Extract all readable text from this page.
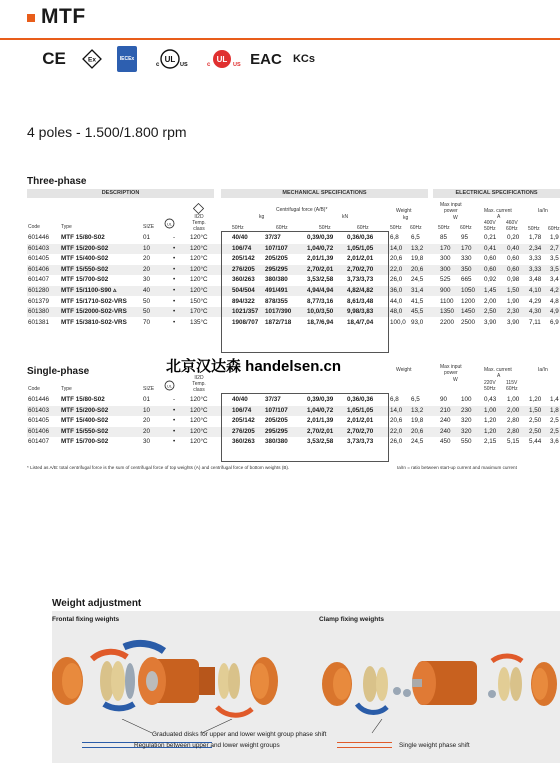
MTF
CE	Ex	IECEx	UL
c	US
UL
c	US EAC KCs
4 poles - 1.500/1.800 rpm
Three-phase
DESCRIPTION	MECHANICAL SPECIFICATIONS	ELECTRICAL SPECIFICATIONS
Code	Type	SIZE
UL
II2D
Temp.
class
Centrifugal force (A/B)*
kg	kN
50Hz	60Hz	50Hz	60Hz
Weight
kg
50Hz 60Hz
Max input
power
W
50Hz 60Hz
Max. current
A
400V 460V
50Hz 60Hz
Ia/In
50Hz 60Hz
601446 MTF 15/80-S02	01	- 120°C	40/40	37/37	0,39/0,39 0,36/0,36	6,8 6,5	85 95	0,21 0,20 1,78 1,9
601403 MTF 15/200-S02	10	• 120°C	106/74 107/107	1,04/0,72 1,05/1,05	14,0 13,2	170 170 0,41 0,40 2,34 2,7
601405 MTF 15/400-S02	20	• 120°C	205/142 205/205	2,01/1,39 2,01/2,01	20,6 19,8	300 330 0,60 0,60 3,33 3,5
601406 MTF 15/550-S02	20	• 120°C	276/205 295/295	2,70/2,01 2,70/2,70	22,0 20,6	300 350 0,60 0,60 3,33 3,5
601407 MTF 15/700-S02	30	• 120°C	360/263 380/380	3,53/2,58 3,73/3,73	26,0 24,5	525 665 0,92 0,98 3,48 3,4
601280 MTF 15/1100-S90 ▵	40	• 120°C	504/504 491/491	4,94/4,94 4,82/4,82	36,0 31,4	900 1050 1,45 1,50 4,10 4,2
601379 MTF 15/1710-S02-VRS	50	• 150°C	894/322 878/355	8,77/3,16 8,61/3,48	44,0 41,5	1100 1200 2,00 1,90 4,29 4,8
601380 MTF 15/2000-S02-VRS	50	• 170°C	1021/357 1017/390 10,0/3,50 9,98/3,83	48,0 45,5	1350 1450 2,50 2,30 4,30 4,9
601381 MTF 15/3810-S02-VRS	70	• 135°C	1908/707 1872/718 18,7/6,94 18,4/7,04	100,0 93,0	2200 2500 3,90 3,90 7,11 6,9
北京汉达森 handelsen.cn
Single-phase
Code	Type	SIZE
UL
II2D
Temp.
class
Weight	Max input
power
W
Max. current
A
220V 115V
50Hz 60Hz
Ia/In
601446 MTF 15/80-S02	01	- 120°C	40/40	37/37	0,39/0,39 0,36/0,36	6,8 6,5	90 100 0,43 1,00 1,20 1,4
601403 MTF 15/200-S02	10	• 120°C	106/74 107/107	1,04/0,72 1,05/1,05	14,0 13,2	210 230 1,00 2,00 1,50 1,8
601405 MTF 15/400-S02	20	• 120°C	205/142 205/205	2,01/1,39 2,01/2,01	20,6 19,8	240 320 1,20 2,80 2,50 2,5
601406 MTF 15/550-S02	20	• 120°C	276/205 295/295	2,70/2,01 2,70/2,70	22,0 20,6	240 320 1,20 2,80 2,50 2,5
601407 MTF 15/700-S02	30	• 120°C	360/263 380/380	3,53/2,58 3,73/3,73	26,0 24,5	450 550 2,15 5,15 5,44 3,6
* Listed as A/B: total centrifugal force is the sum of centrifugal force of top weights (A) and centrifugal force of bottom weights (B).	Ia/In = ratio between start-up current and maximum current
Weight adjustment
Frontal fixing weights	Clamp fixing weights
Graduated disks for upper and lower weight group phase shift
Regulation between upper and lower weight groups	Single weight phase shift
